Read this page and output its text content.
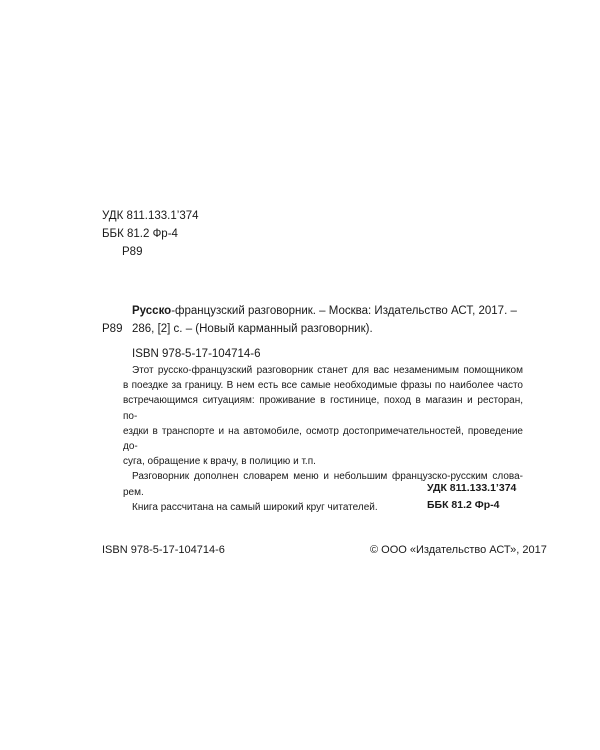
УДК 811.133.1’374
ББК 81.2 Фр-4
Р89
Русско-французский разговорник. – Москва: Издательство АСТ, 2017. –
Р89 286, [2] с. – (Новый карманный разговорник).
ISBN 978-5-17-104714-6

Этот русско-французский разговорник станет для вас незаменимым помощником
в поездке за границу. В нем есть все самые необходимые фразы по наиболее часто
встречающимся ситуациям: проживание в гостинице, поход в магазин и ресторан, по-
ездки в транспорте и на автомобиле, осмотр достопримечательностей, проведение до-
суга, обращение к врачу, в полицию и т.п.

Разговорник дополнен словарем меню и небольшим французско-русским слова-
рем.

Книга рассчитана на самый широкий круг читателей.

УДК 811.133.1’374
ББК 81.2 Фр-4
ISBN 978-5-17-104714-6	© ООО «Издательство АСТ», 2017
